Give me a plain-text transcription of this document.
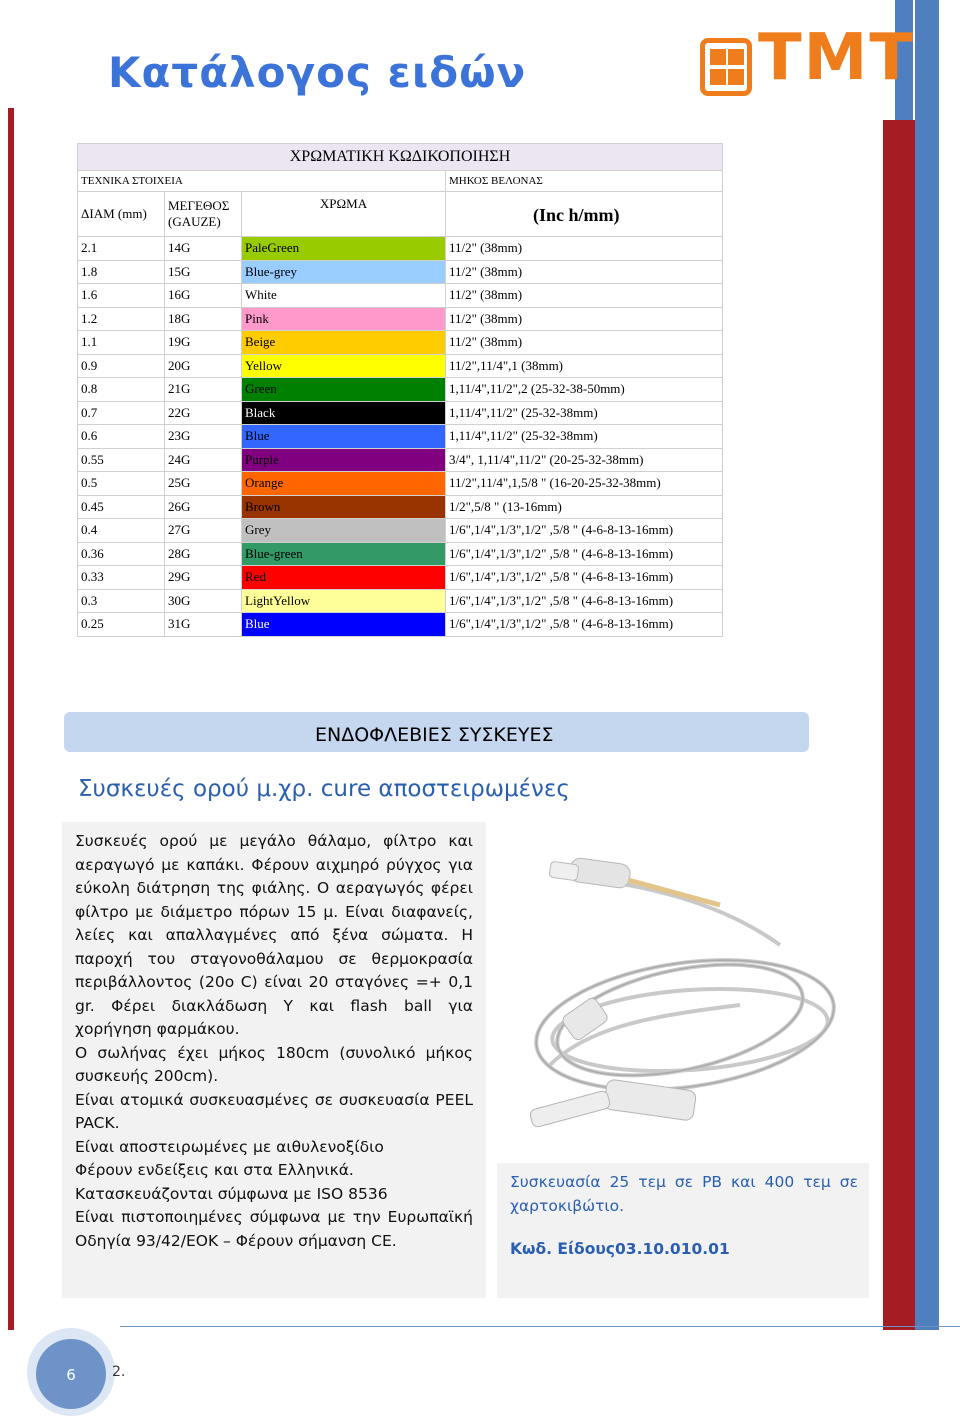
Κατάλογος ειδών	TMT
ΧΡΩΜΑΤΙΚΗ ΚΩΔΙΚΟΠΟΙΗΣΗ			
ΤΕΧΝΙΚΑ ΣΤΟΙΧΕΙΑ			ΜΗΚΟΣ ΒΕΛΟΝΑΣ
ΔΙΑΜ (mm)	ΜΕΓΕΘΟΣ (GAUZE)	ΧΡΩΜΑ	
2.1	14G	PaleGreen	11/2" (38mm)
1.8	15G	Blue-grey	11/2" (38mm)
1.6	16G	White	11/2" (38mm)
1.2	18G	Pink	11/2" (38mm)
1.1	19G	Beige	11/2" (38mm)
0.9	20G	Yellow	11/2",11/4",1 (38mm)
0.8	21G	Green	1,11/4",11/2",2 (25-32-38-50mm)
0.7	22G	Black	1,11/4",11/2" (25-32-38mm)
0.6	23G	Blue	1,11/4",11/2" (25-32-38mm)
0.55	24G	Purple	3/4", 1,11/4",11/2" (20-25-32-38mm)
0.5	25G	Orange	11/2",11/4",1,5/8 " (16-20-25-32-38mm)
0.45	26G	Brown	1/2",5/8 " (13-16mm)
0.4	27G	Grey	1/6",1/4",1/3",1/2" ,5/8 " (4-6-8-13-16mm)
0.36	28G	Blue-green	1/6",1/4",1/3",1/2" ,5/8 " (4-6-8-13-16mm)
0.33	29G	Red	1/6",1/4",1/3",1/2" ,5/8 " (4-6-8-13-16mm)
0.3	30G	LightYellow	1/6",1/4",1/3",1/2" ,5/8 " (4-6-8-13-16mm)
0.25	31G	Blue	1/6",1/4",1/3",1/2" ,5/8 " (4-6-8-13-16mm)
(Inc h/mm)
ΕΝΔΟΦΛΕΒΙΕΣ ΣΥΣΚΕΥΕΣ
Συσκευές ορού μ.χρ. cure αποστειρωμένες

Συσκευές ορού με μεγάλο θάλαμο, φίλτρο και αεραγωγό με καπάκι. Φέρουν αιχμηρό ρύγχος για εύκολη διάτρηση της φιάλης. Ο αεραγωγός φέρει φίλτρο με διάμετρο πόρων 15 μ. Είναι διαφανείς, λείες και απαλλαγμένες από ξένα σώματα. Η παροχή του σταγονοθάλαμου σε θερμοκρασία περιβάλλοντος (20ο C) είναι 20 σταγόνες =+ 0,1 gr. Φέρει διακλάδωση Y και flash ball για χορήγηση φαρμάκου.

Ο σωλήνας έχει μήκος 180cm (συνολικό μήκος συσκευής 200cm).

Είναι ατομικά συσκευασμένες σε συσκευασία PEEL PACK.

Είναι αποστειρωμένες με αιθυλενοξίδιο

Φέρουν ενδείξεις και στα Ελληνικά.

Κατασκευάζονται σύμφωνα με ISO 8536

Είναι πιστοποιημένες σύμφωνα με την Ευρωπαϊκή Οδηγία 93/42/ΕΟΚ – Φέρουν σήμανση CE.

Συσκευασία 25 τεμ σε PB και 400 τεμ σε χαρτοκιβώτιο.
Κωδ. Είδους03.10.010.01
6	2.
